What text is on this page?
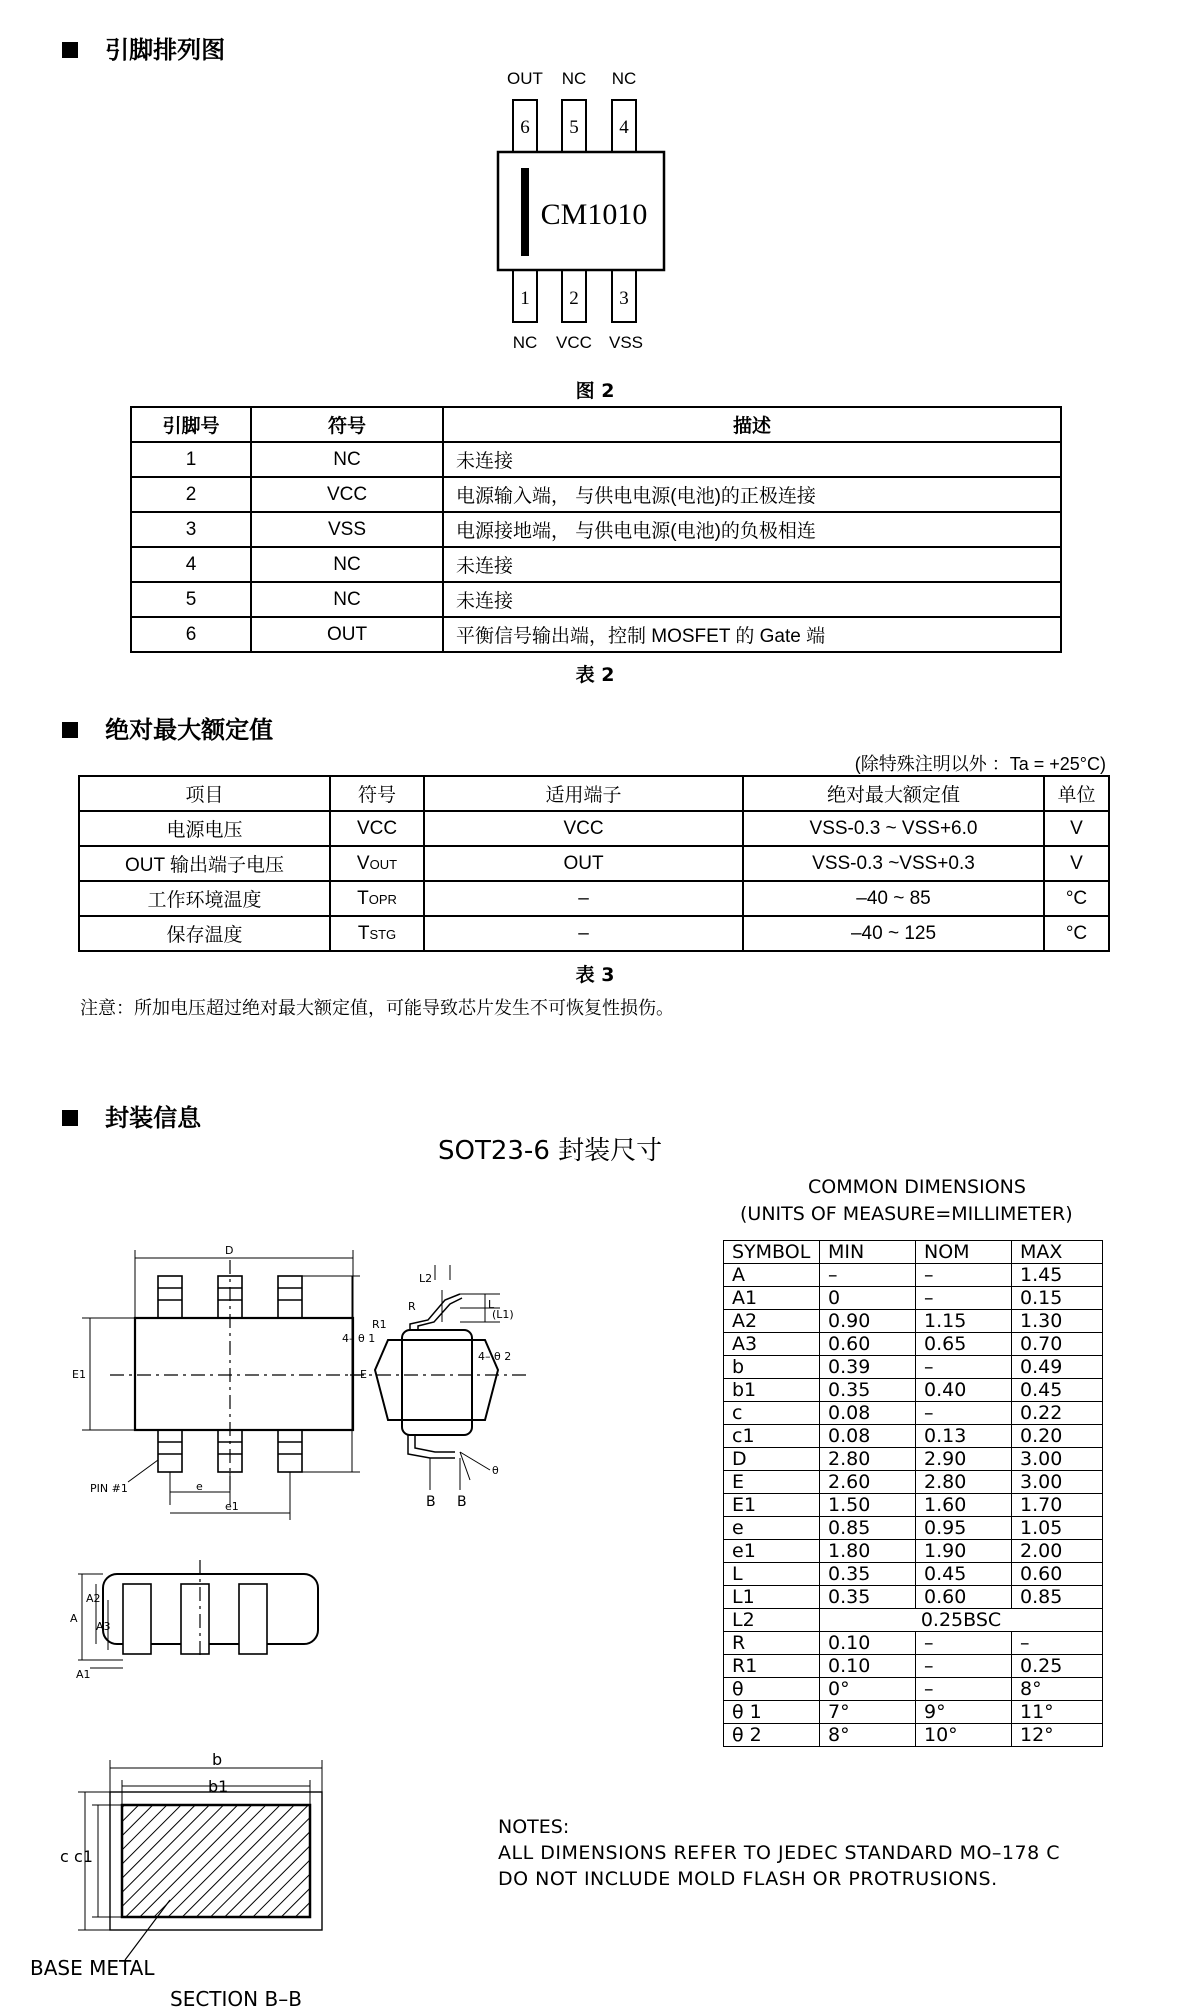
引脚排列图
OUT NC NC
6 5 4
1 2 3
CM1010
NC VCC VSS
图 2
引脚号	符号	描述
1	NC	未连接
2	VCC	电源输入端， 与供电电源(电池)的正极连接
3	VSS	电源接地端， 与供电电源(电池)的负极相连
4	NC	未连接
5	NC	未连接
6	OUT	平衡信号输出端，控制 MOSFET 的 Gate 端
表 2
绝对最大额定值
(除特殊注明以外 ：Ta = +25°C)
项目	符号	适用端子	绝对最大额定值	单位
电源电压	VCC	VCC	VSS-0.3 ~ VSS+6.0	V
OUT 输出端子电压	VOUT	OUT	VSS-0.3 ~VSS+0.3	V
工作环境温度	TOPR	–	–40 ~ 85	°C
保存温度	TSTG	–	–40 ~ 125	°C
表 3
注意：所加电压超过绝对最大额定值，可能导致芯片发生不可恢复性损伤。
封装信息
SOT23-6 封装尺寸
D
E1	E
e
e1
PIN #1
L2
R
R1
L
(L1)
4– θ 1
4– θ 2
θ
B B
A
A2
A3
A1
b
b1
c c1
BASE METAL
SECTION B–B
COMMON DIMENSIONS
(UNITS OF MEASURE=MILLIMETER)
SYMBOL	MIN	NOM	MAX
A	–	–	1.45
A1	0	–	0.15
A2	0.90	1.15	1.30
A3	0.60	0.65	0.70
b	0.39	–	0.49
b1	0.35	0.40	0.45
c	0.08	–	0.22
c1	0.08	0.13	0.20
D	2.80	2.90	3.00
E	2.60	2.80	3.00
E1	1.50	1.60	1.70
e	0.85	0.95	1.05
e1	1.80	1.90	2.00
L	0.35	0.45	0.60
L1	0.35	0.60	0.85
L2	0.25BSC		
R	0.10	–	–
R1	0.10	–	0.25
θ	0°	–	8°
θ 1	7°	9°	11°
θ 2	8°	10°	12°
NOTES:
ALL DIMENSIONS REFER TO JEDEC STANDARD MO–178 C
DO NOT INCLUDE MOLD FLASH OR PROTRUSIONS.
